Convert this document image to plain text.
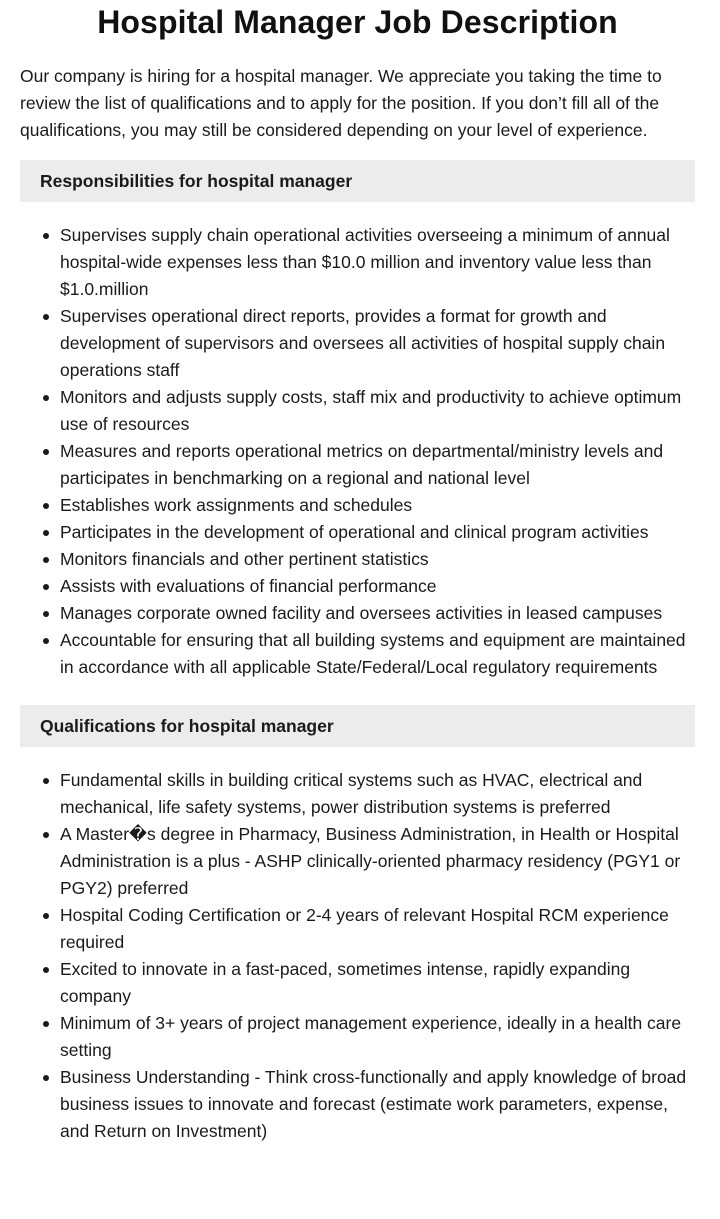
Hospital Manager Job Description

Our company is hiring for a hospital manager. We appreciate you taking the time to review the list of qualifications and to apply for the position. If you don’t fill all of the qualifications, you may still be considered depending on your level of experience.

Responsibilities for hospital manager
Supervises supply chain operational activities overseeing a minimum of annual hospital-wide expenses less than $10.0 million and inventory value less than $1.0.million
Supervises operational direct reports, provides a format for growth and development of supervisors and oversees all activities of hospital supply chain operations staff
Monitors and adjusts supply costs, staff mix and productivity to achieve optimum use of resources
Measures and reports operational metrics on departmental/ministry levels and participates in benchmarking on a regional and national level
Establishes work assignments and schedules
Participates in the development of operational and clinical program activities
Monitors financials and other pertinent statistics
Assists with evaluations of financial performance
Manages corporate owned facility and oversees activities in leased campuses
Accountable for ensuring that all building systems and equipment are maintained in accordance with all applicable State/Federal/Local regulatory requirements
Qualifications for hospital manager
Fundamental skills in building critical systems such as HVAC, electrical and mechanical, life safety systems, power distribution systems is preferred
A Master�s degree in Pharmacy, Business Administration, in Health or Hospital Administration is a plus - ASHP clinically-oriented pharmacy residency (PGY1 or PGY2) preferred
Hospital Coding Certification or 2-4 years of relevant Hospital RCM experience required
Excited to innovate in a fast-paced, sometimes intense, rapidly expanding company
Minimum of 3+ years of project management experience, ideally in a health care setting
Business Understanding - Think cross-functionally and apply knowledge of broad business issues to innovate and forecast (estimate work parameters, expense, and Return on Investment)
